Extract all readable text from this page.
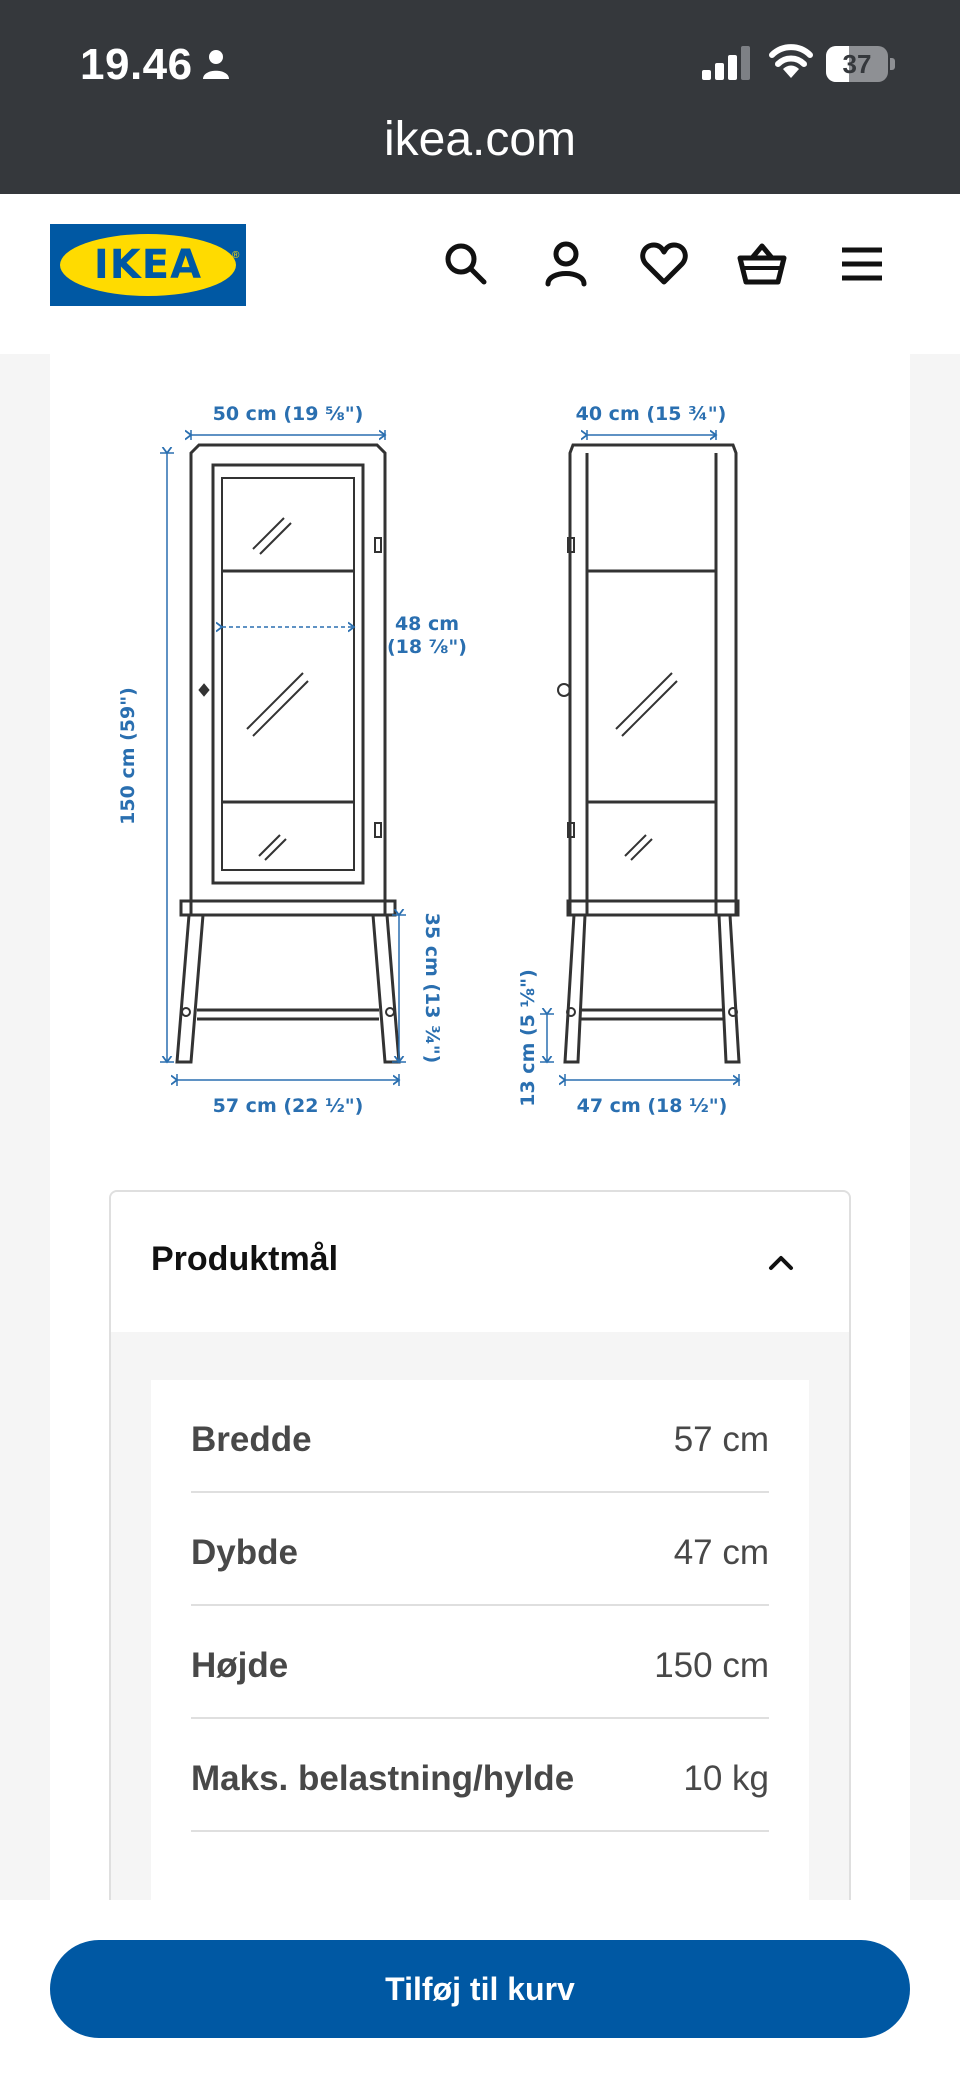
19.46	37
ikea.com
IKEA	®
50 cm (19 ⅝")
48 cm
(18 ⅞")
150 cm (59")
35 cm (13 ¾")
57 cm (22 ½")
40 cm (15 ¾")
13 cm (5 ⅛") 47 cm (18 ½")
Produktmål
Bredde	57 cm
Dybde	47 cm
Højde	150 cm
Maks. belastning/hylde	10 kg
Tilføj til kurv
